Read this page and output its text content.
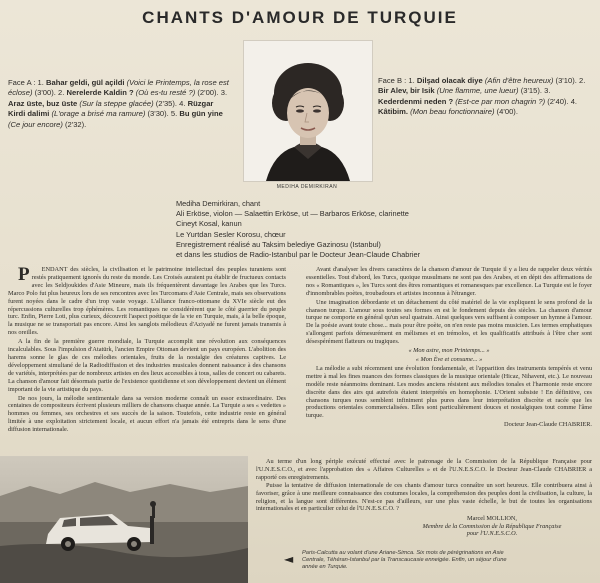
CHANTS D'AMOUR DE TURQUIE
Face A : 1. Bahar geldi, gül açildi (Voici le Printemps, la rose est éclose) (3'00). 2. Nerelerde Kaldin ? (Où es-tu resté ?) (2'00). 3. Araz üste, buz üste (Sur la steppe glacée) (2'35). 4. Rüzgar Kirdi dalimi (L'orage a brisé ma ramure) (3'30). 5. Bu gün yine (Ce jour encore) (2'32).
Face B : 1. Dilşad olacak diye (Afin d'être heureux) (3'10). 2. Bir Alev, bir Isik (Une flamme, une lueur) (3'15). 3. Kederdenmi neden ? (Est-ce par mon chagrin ?) (2'40). 4. Kâtibim. (Mon beau fonctionnaire) (4'00).
MEDIHA DEMIRKIRAN
Mediha Demirkiran, chant
Ali Erköse, violon — Salaettin Erköse, ut — Barbaros Erköse, clarinette
Cineyt Kosal, kanun
Le Yurtdan Sesler Korosu, chœur
Enregistrement réalisé au Taksim belediye Gazinosu (Istanbul)
et dans les studios de Radio-Istanbul par le Docteur Jean-Claude Chabrier

P ENDANT des siècles, la civilisation et le patrimoine intellectuel des peuples turaniens sont restés pratiquement ignorés du reste du monde. Les Croisés auraient pu établir de fructueux contacts avec les Seldjoukides d'Asie Mineure, mais ils fréquentèrent davantage les Arabes que les Turcs. Marco Polo fut plus heureux lors de ses rencontres avec les Turcomans d'Asie Centrale, mais ses observations furent noyées dans le cadre d'un trop vaste voyage. L'alliance franco-ottomane du XVIe siècle eut des répercussions culturelles trop éphémères. Les romantiques ne considérèrent que le côté guerrier du peuple turc. Enfin, Pierre Loti, plus curieux, découvrit l'aspect poétique de la vie en Turquie, mais, à la belle époque, la musique ne se transportait pas encore. Ainsi les sanglots mélodieux d'Aziyadé ne furent jamais transmis à nos oreilles.

A la fin de la première guerre mondiale, la Turquie accomplit une révolution aux conséquences incalculables. Sous l'impulsion d'Atatürk, l'ancien Empire Ottoman devient un pays européen. L'abolition des harems sonne le glas de ces mélodies orientales, fruits de la nostalgie des créatures captives. Le développement simultané de la Radiodiffusion et des industries musicales donnent naissance à des chansons de variétés, interprétées par de nombreux artistes en des lieux accessibles à tous, salles de concert ou cabarets. La chanson d'amour fait désormais partie de l'existence quotidienne et son développement devient un élément important de la vie artistique du pays.

De nos jours, la mélodie sentimentale dans sa version moderne connaît un essor extraordinaire. Des centaines de compositeurs écrivent plusieurs milliers de chansons chaque année. La Turquie a ses « vedettes » hommes ou femmes, ses orchestres et ses succès de la saison. Toutefois, cette industrie reste en général limitée à une exploitation strictement locale, et aucun effort n'a jamais été entrepris dans le sens d'une diffusion internationale.

Avant d'analyser les divers caractères de la chanson d'amour de Turquie il y a lieu de rappeler deux vérités essentielles. Tout d'abord, les Turcs, quoique musulmans ne sont pas des Arabes, et en dépit des affirmations de nos « Romantiques », les Turcs sont des êtres romantiques et romanesques par excellence. La Turquie est le foyer d'innombrables poètes, troubadours et artistes inconnus à l'étranger.

Une imagination débordante et un détachement du côté matériel de la vie expliquent le sens profond de la chanson turque. L'amour sous toutes ses formes en est le fondement depuis des siècles. La chanson d'amour turque ne comporte en général qu'un seul quatrain. Ainsi quelques vers suffisent à composer un hymne à l'amour. De la poésie avant toute chose... mais pour être poète, on n'en reste pas moins musicien. Les termes emphatiques s'allongent parfois démesurément en mélismes et en trémolos, et les qualificatifs attribués à l'être cher sont désespérément flatteurs ou tragiques.

« Mon astre, mon Printemps... »

« Mon Ève et consume... »

La mélodie a subi récemment une évolution fondamentale, et l'apparition des instruments tempérés et venu mettre à mal les fines nuances des formes classiques de la musique orientale (Hicaz, Nihavent, etc.). Le nouveau modèle reste néanmoins dominant. Les modes anciens résistent aux mélodies tonales et l'harmonie reste encore discrète dans des airs qui autrefois étaient interprétés en homophonie. L'Orient subsiste ! En définitive, ces chansons turques nous semblent infiniment plus pures dans leur interprétation discrète et racée que les productions orientales commercialisées. Elles sont particulièrement douces et nostalgiques tout comme l'âme turque.

Docteur Jean-Claude CHABRIER.

Au terme d'un long périple exécuté effectué avec le patronage de la Commission de la République Française pour l'U.N.E.S.C.O., et avec l'approbation des « Affaires Culturelles » et de l'U.N.E.S.C.O. le Docteur Jean-Claude CHABRIER a rapporté ces enregistrements.

Puisse la tentative de diffusion internationale de ces chants d'amour turcs connaître un sort heureux. Elle contribuera ainsi à favoriser, grâce à une meilleure connaissance des coutumes locales, la compréhension des peuples dont la civilisation, la culture, la religion, et la langue sont différentes. N'est-ce pas d'ailleurs, sur une plus vaste échelle, le but de toutes les organisations internationales et en particulier celui de l'U.N.E.S.C.O. ?

Marcel MOLLION,
Membre de la Commission de la République Française
pour l'U.N.E.S.C.O.
◄ Paris-Calcutta au volant d'une Ariane-Simca. Six mois de pérégrinations en Asie Centrale, Téhéran-Istanbul par la Transcaucasie enneigée. Enfin, un séjour d'une année en Turquie.
